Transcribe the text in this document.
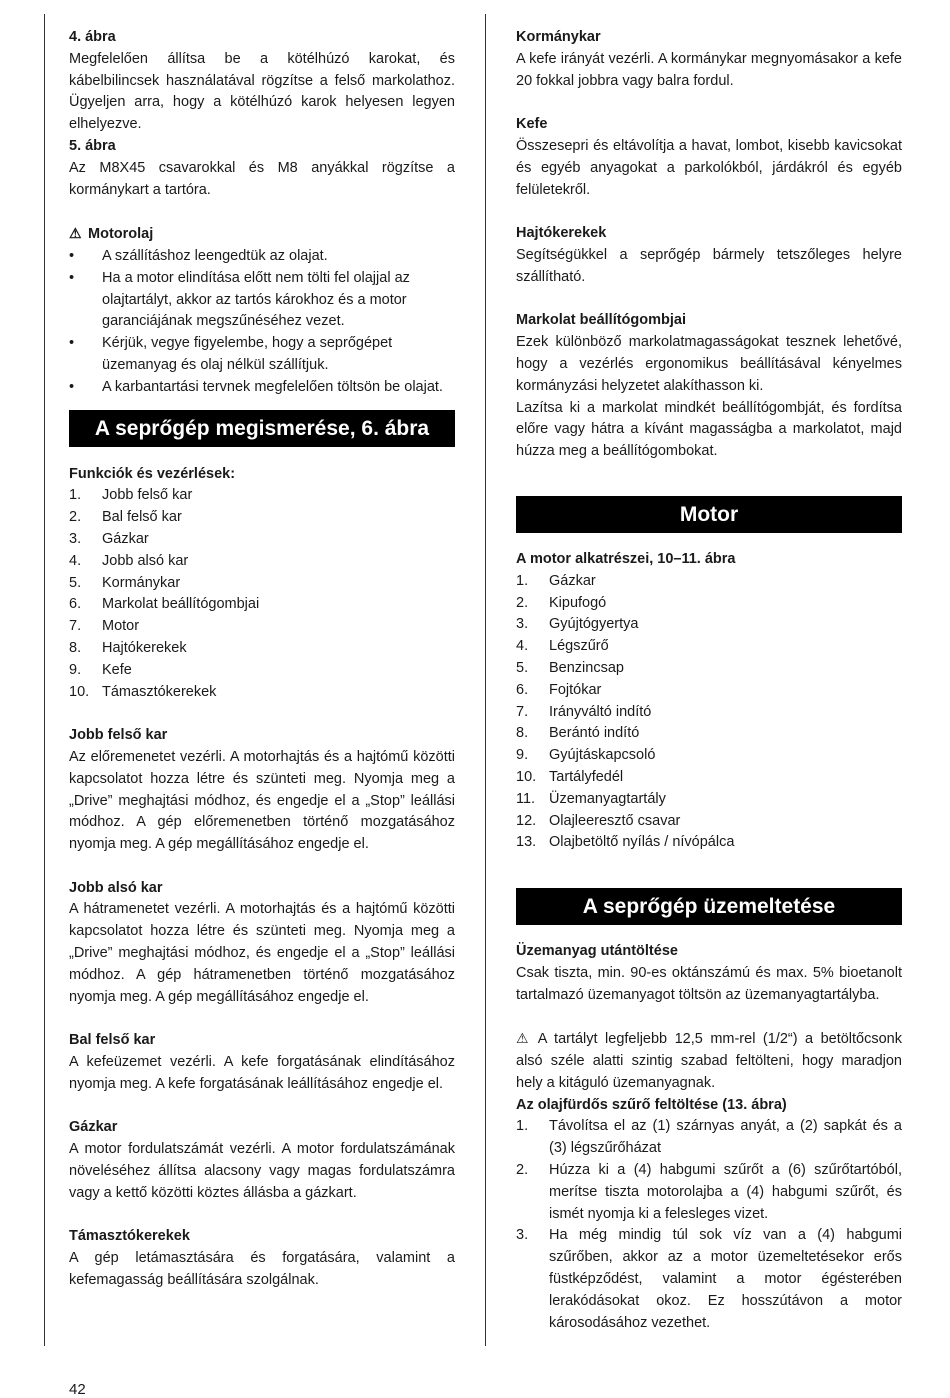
4. ábra

Megfelelően állítsa be a kötélhúzó karokat, és kábelbilincsek használatával rögzítse a felső markolathoz. Ügyeljen arra, hogy a kötélhúzó karok helyesen legyen elhelyezve.

5. ábra

Az M8X45 csavarokkal és M8 anyákkal rögzítse a kormánykart a tartóra.

⚠ Motorolaj

• A szállításhoz leengedtük az olajat.
• Ha a motor elindítása előtt nem tölti fel olajjal az olajtartályt, akkor az tartós károkhoz és a motor garanciájának megszűnéséhez vezet.
• Kérjük, vegye figyelembe, hogy a seprőgépet üzemanyag és olaj nélkül szállítjuk.
• A karbantartási tervnek megfelelően töltsön be olajat.
A seprőgép megismerése, 6. ábra

Funkciók és vezérlések:

1. Jobb felső kar
2. Bal felső kar
3. Gázkar
4. Jobb alsó kar
5. Kormánykar
6. Markolat beállítógombjai
7. Motor
8. Hajtókerekek
9. Kefe
10. Támasztókerekek

Jobb felső kar

Az előremenetet vezérli. A motorhajtás és a hajtómű közötti kapcsolatot hozza létre és szünteti meg. Nyomja meg a „Drive” meghajtási módhoz, és engedje el a „Stop” leállási módhoz. A gép előremenetben történő mozgatásához nyomja meg. A gép megállításához engedje el.

Jobb alsó kar

A hátramenetet vezérli. A motorhajtás és a hajtómű közötti kapcsolatot hozza létre és szünteti meg. Nyomja meg a „Drive” meghajtási módhoz, és engedje el a „Stop” leállási módhoz. A gép hátramenetben történő mozgatásához nyomja meg. A gép megállításához engedje el.

Bal felső kar

A kefeüzemet vezérli. A kefe forgatásának elindításához nyomja meg. A kefe forgatásának leállításához engedje el.

Gázkar

A motor fordulatszámát vezérli. A motor fordulatszámának növeléséhez állítsa alacsony vagy magas fordulatszámra vagy a kettő közötti köztes állásba a gázkart.

Támasztókerekek

A gép letámasztására és forgatására, valamint a kefemagasság beállítására szolgálnak.

Kormánykar

A kefe irányát vezérli. A kormánykar megnyomásakor a kefe 20 fokkal jobbra vagy balra fordul.

Kefe

Összesepri és eltávolítja a havat, lombot, kisebb kavicsokat és egyéb anyagokat a parkolókból, járdákról és egyéb felületekről.

Hajtókerekek

Segítségükkel a seprőgép bármely tetszőleges helyre szállítható.

Markolat beállítógombjai

Ezek különböző markolatmagasságokat tesznek lehetővé, hogy a vezérlés ergonomikus beállításával kényelmes kormányzási helyzetet alakíthasson ki.

Lazítsa ki a markolat mindkét beállítógombját, és fordítsa előre vagy hátra a kívánt magasságba a markolatot, majd húzza meg a beállítógombokat.

Motor

A motor alkatrészei, 10–11. ábra

1. Gázkar
2. Kipufogó
3. Gyújtógyertya
4. Légszűrő
5. Benzincsap
6. Fojtókar
7. Irányváltó indító
8. Berántó indító
9. Gyújtáskapcsoló
10. Tartályfedél
11. Üzemanyagtartály
12. Olajleeresztő csavar
13. Olajbetöltő nyílás / nívópálca
A seprőgép üzemeltetése

Üzemanyag utántöltése

Csak tiszta, min. 90-es oktánszámú és max. 5% bioetanolt tartalmazó üzemanyagot töltsön az üzemanyagtartályba.

⚠ A tartályt legfeljebb 12,5 mm-rel (1/2“) a betöltőcsonk alsó széle alatti szintig szabad feltölteni, hogy maradjon hely a kitáguló üzemanyagnak.

Az olajfürdős szűrő feltöltése (13. ábra)

1. Távolítsa el az (1) szárnyas anyát, a (2) sapkát és a (3) légszűrőházat
2. Húzza ki a (4) habgumi szűrőt a (6) szűrőtartóból, merítse tiszta motorolajba a (4) habgumi szűrőt, és ismét nyomja ki a felesleges vizet.
3. Ha még mindig túl sok víz van a (4) habgumi szűrőben, akkor az a motor üzemeltetésekor erős füstképződést, valamint a motor égésterében lerakódásokat okoz. Ez hosszútávon a motor károsodásához vezethet.
42
